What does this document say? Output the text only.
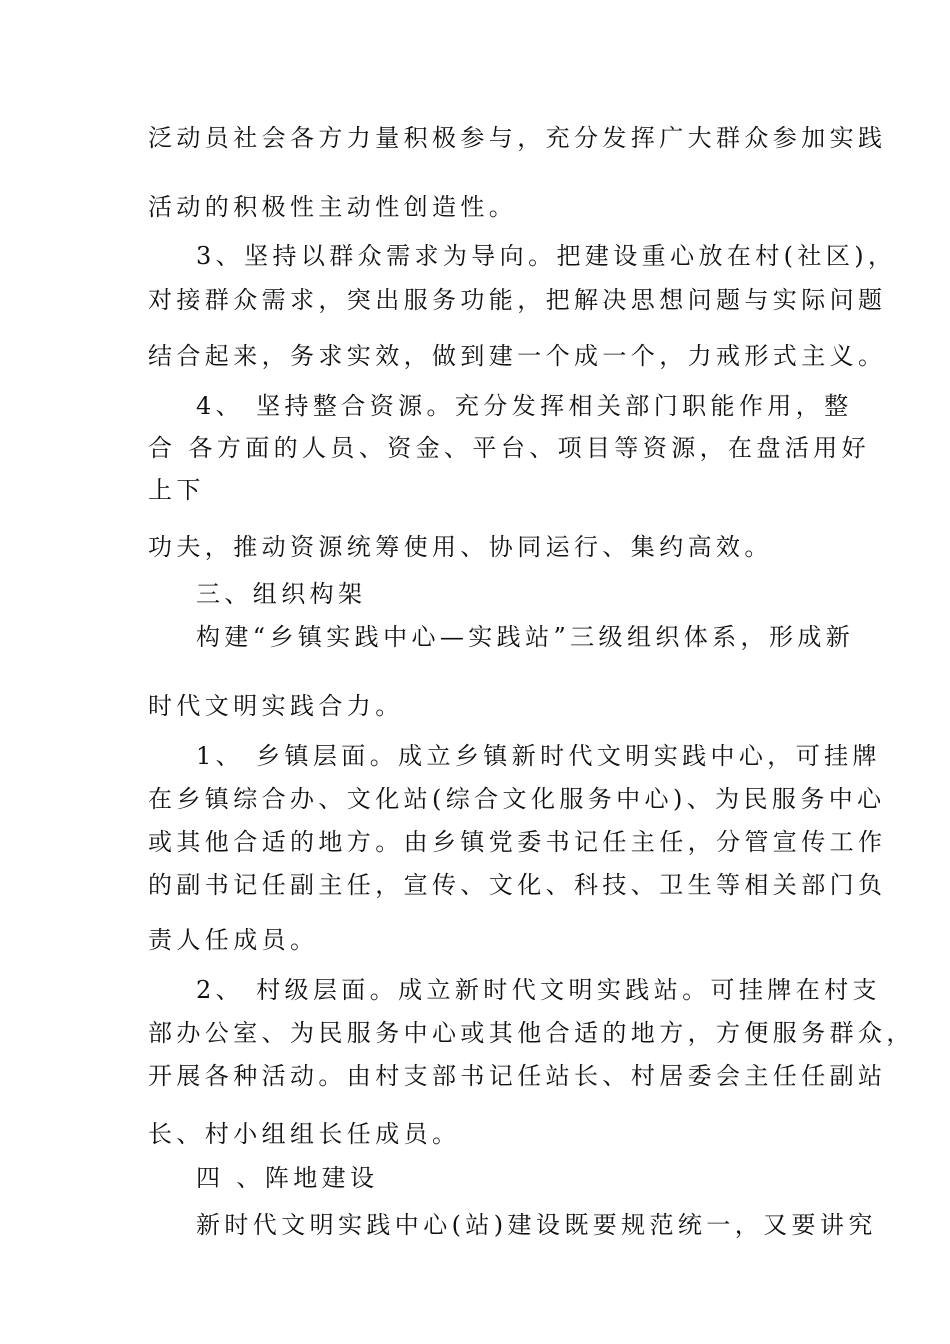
泛动员社会各方力量积极参与，充分发挥广大群众参加实践
活动的积极性主动性创造性。
3、坚持以群众需求为导向。把建设重心放在村(社区)，
对接群众需求，突出服务功能，把解决思想问题与实际问题
结合起来，务求实效，做到建一个成一个，力戒形式主义。
4、 坚持整合资源。充分发挥相关部门职能作用，整
合 各方面的人员、资金、平台、项目等资源，在盘活用好
上下
功夫，推动资源统筹使用、协同运行、集约高效。
三、组织构架
构建“乡镇实践中心—实践站”三级组织体系，形成新
时代文明实践合力。
1、 乡镇层面。成立乡镇新时代文明实践中心，可挂牌
在乡镇综合办、文化站(综合文化服务中心)、为民服务中心
或其他合适的地方。由乡镇党委书记任主任，分管宣传工作
的副书记任副主任，宣传、文化、科技、卫生等相关部门负
责人任成员。
2、 村级层面。成立新时代文明实践站。可挂牌在村支
部办公室、为民服务中心或其他合适的地方，方便服务群众，
开展各种活动。由村支部书记任站长、村居委会主任任副站
长、村小组组长任成员。
四 、阵地建设
新时代文明实践中心(站)建设既要规范统一，又要讲究
